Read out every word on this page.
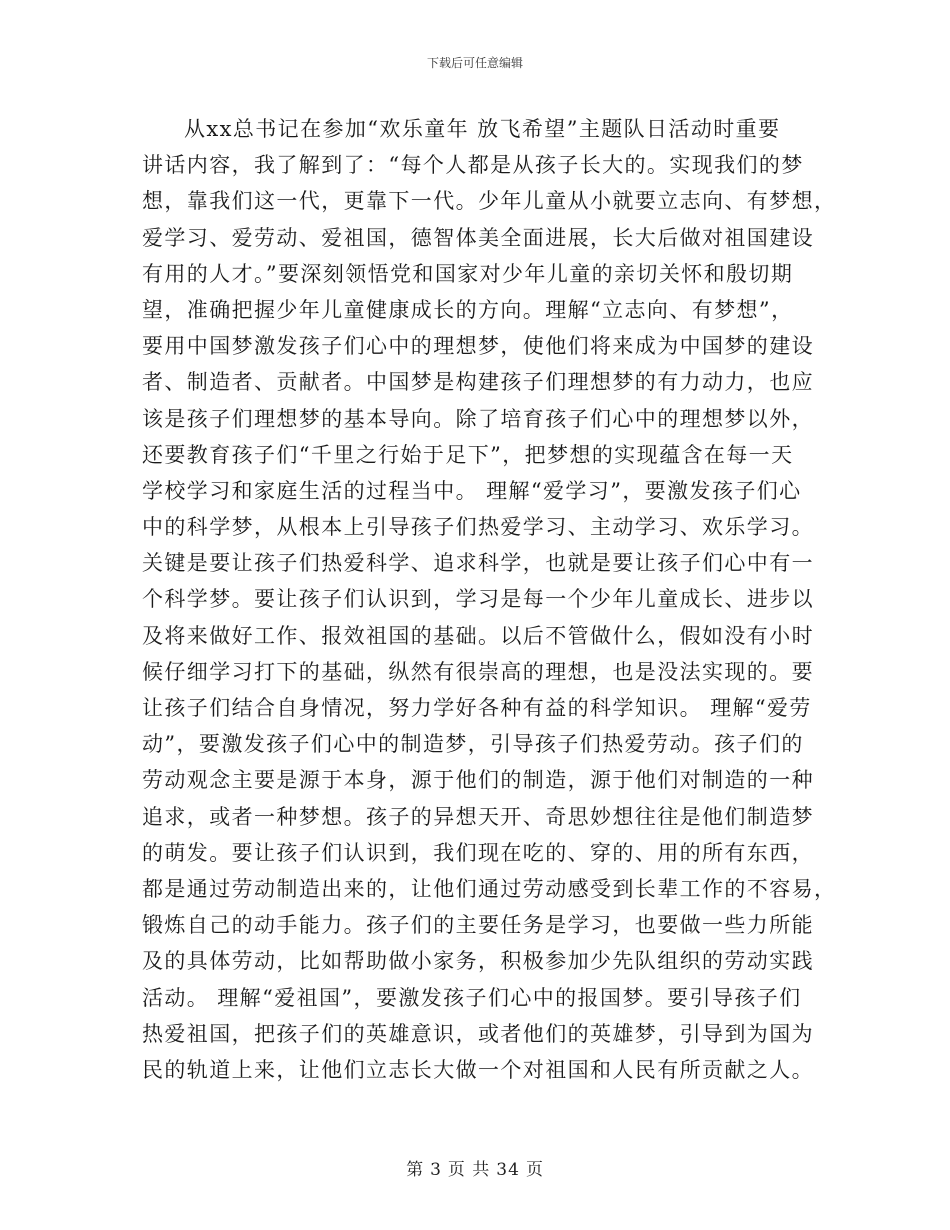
下载后可任意编辑
从xx总书记在参加“欢乐童年 放飞希望”主题队日活动时重要
讲话内容，我了解到了：“每个人都是从孩子长大的。实现我们的梦
想，靠我们这一代，更靠下一代。少年儿童从小就要立志向、有梦想，
爱学习、爱劳动、爱祖国，德智体美全面进展，长大后做对祖国建设
有用的人才。”要深刻领悟党和国家对少年儿童的亲切关怀和殷切期
望，准确把握少年儿童健康成长的方向。理解“立志向、有梦想”，
要用中国梦激发孩子们心中的理想梦，使他们将来成为中国梦的建设
者、制造者、贡献者。中国梦是构建孩子们理想梦的有力动力，也应
该是孩子们理想梦的基本导向。除了培育孩子们心中的理想梦以外，
还要教育孩子们“千里之行始于足下”，把梦想的实现蕴含在每一天
学校学习和家庭生活的过程当中。 理解“爱学习”，要激发孩子们心
中的科学梦，从根本上引导孩子们热爱学习、主动学习、欢乐学习。
关键是要让孩子们热爱科学、追求科学，也就是要让孩子们心中有一
个科学梦。要让孩子们认识到，学习是每一个少年儿童成长、进步以
及将来做好工作、报效祖国的基础。以后不管做什么，假如没有小时
候仔细学习打下的基础，纵然有很崇高的理想，也是没法实现的。要
让孩子们结合自身情况，努力学好各种有益的科学知识。 理解“爱劳
动”，要激发孩子们心中的制造梦，引导孩子们热爱劳动。孩子们的
劳动观念主要是源于本身，源于他们的制造，源于他们对制造的一种
追求，或者一种梦想。孩子的异想天开、奇思妙想往往是他们制造梦
的萌发。要让孩子们认识到，我们现在吃的、穿的、用的所有东西，
都是通过劳动制造出来的，让他们通过劳动感受到长辈工作的不容易，
锻炼自己的动手能力。孩子们的主要任务是学习，也要做一些力所能
及的具体劳动，比如帮助做小家务，积极参加少先队组织的劳动实践
活动。 理解“爱祖国”，要激发孩子们心中的报国梦。要引导孩子们
热爱祖国，把孩子们的英雄意识，或者他们的英雄梦，引导到为国为
民的轨道上来，让他们立志长大做一个对祖国和人民有所贡献之人。
第 3 页 共 34 页
